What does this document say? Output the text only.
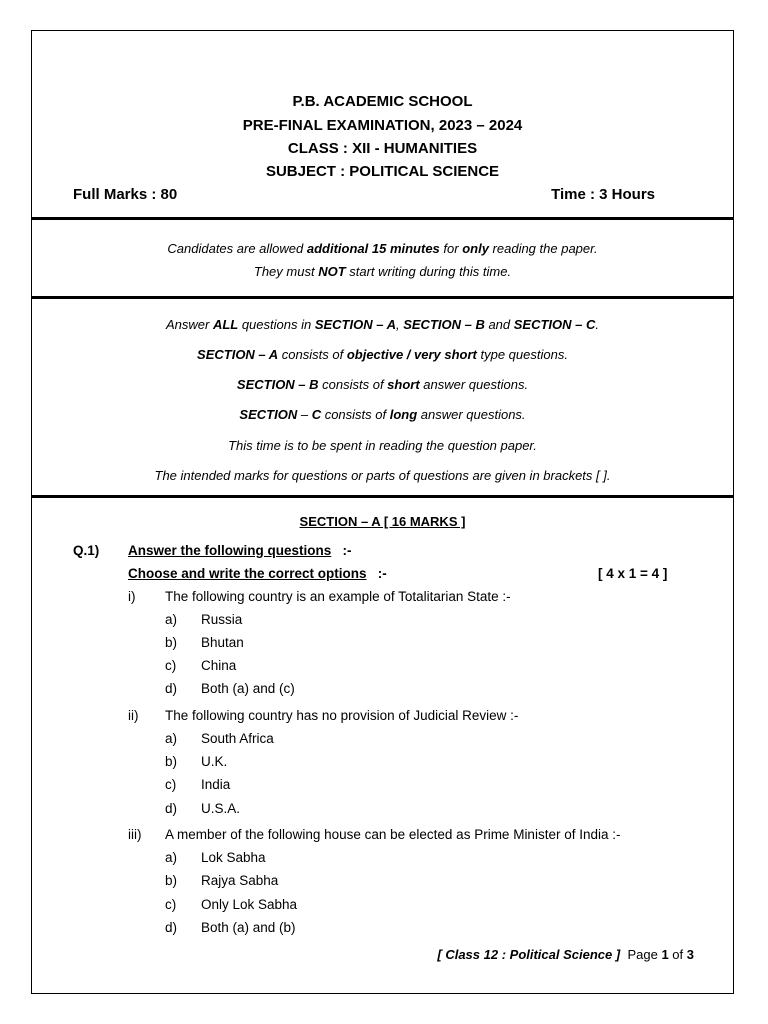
P.B. ACADEMIC SCHOOL
PRE-FINAL EXAMINATION, 2023 – 2024
CLASS : XII - HUMANITIES
SUBJECT : POLITICAL SCIENCE
Full Marks : 80	Time : 3 Hours
Candidates are allowed additional 15 minutes for only reading the paper.
They must NOT start writing during this time.
Answer ALL questions in SECTION – A, SECTION – B and SECTION – C.
SECTION – A consists of objective / very short type questions.
SECTION – B consists of short answer questions.
SECTION – C consists of long answer questions.
This time is to be spent in reading the question paper.
The intended marks for questions or parts of questions are given in brackets [ ].
SECTION – A [ 16 MARKS ]
Q.1) Answer the following questions :-
Choose and write the correct options :-	[ 4 x 1 = 4 ]
i) The following country is an example of Totalitarian State :-
a) Russia
b) Bhutan
c) China
d) Both (a) and (c)
ii) The following country has no provision of Judicial Review :-
a) South Africa
b) U.K.
c) India
d) U.S.A.
iii) A member of the following house can be elected as Prime Minister of India :-
a) Lok Sabha
b) Rajya Sabha
c) Only Lok Sabha
d) Both (a) and (b)
[ Class 12 : Political Science ] Page 1 of 3
